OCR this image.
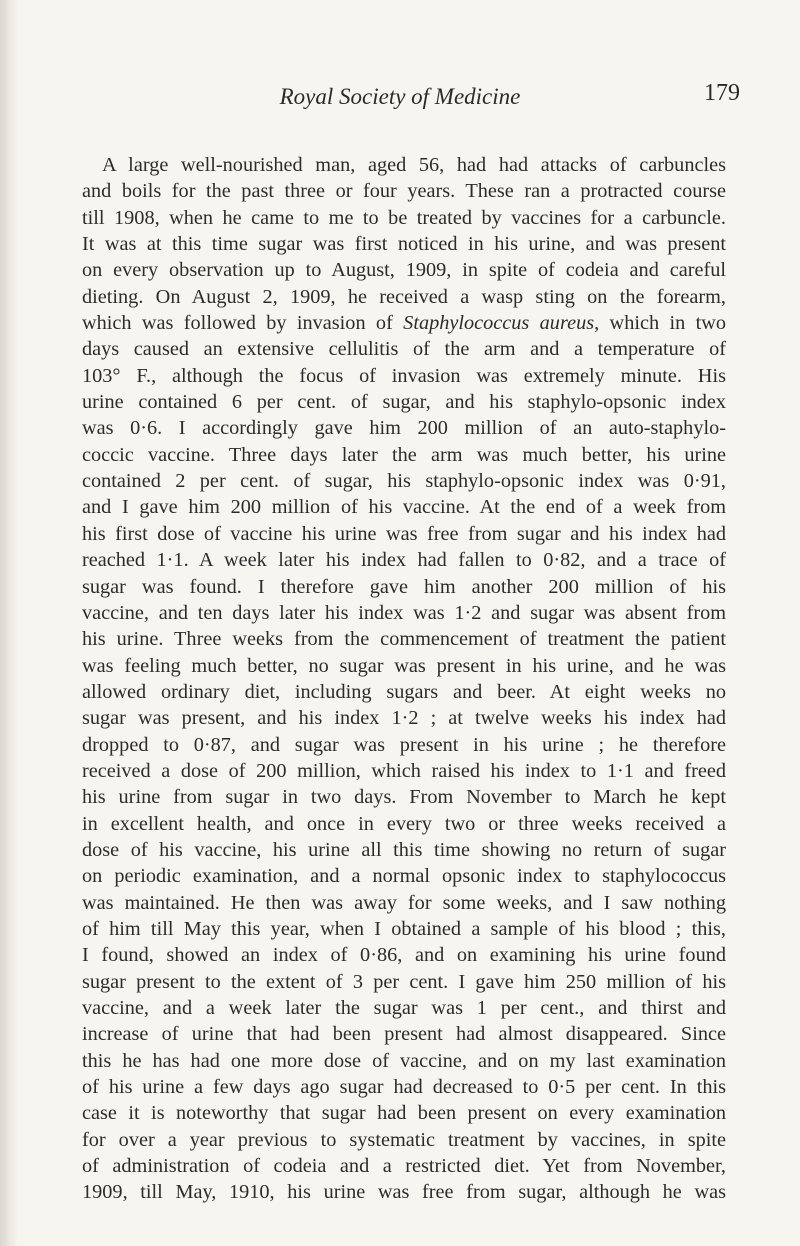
Royal Society of Medicine	179
A large well-nourished man, aged 56, had had attacks of carbuncles
and boils for the past three or four years. These ran a protracted course
till 1908, when he came to me to be treated by vaccines for a carbuncle.
It was at this time sugar was first noticed in his urine, and was present
on every observation up to August, 1909, in spite of codeia and careful
dieting. On August 2, 1909, he received a wasp sting on the forearm,
which was followed by invasion of Staphylococcus aureus, which in two
days caused an extensive cellulitis of the arm and a temperature of
103° F., although the focus of invasion was extremely minute. His
urine contained 6 per cent. of sugar, and his staphylo-opsonic index
was 0·6. I accordingly gave him 200 million of an auto-staphylo-
coccic vaccine. Three days later the arm was much better, his urine
contained 2 per cent. of sugar, his staphylo-opsonic index was 0·91,
and I gave him 200 million of his vaccine. At the end of a week from
his first dose of vaccine his urine was free from sugar and his index had
reached 1·1. A week later his index had fallen to 0·82, and a trace of
sugar was found. I therefore gave him another 200 million of his
vaccine, and ten days later his index was 1·2 and sugar was absent from
his urine. Three weeks from the commencement of treatment the patient
was feeling much better, no sugar was present in his urine, and he was
allowed ordinary diet, including sugars and beer. At eight weeks no
sugar was present, and his index 1·2 ; at twelve weeks his index had
dropped to 0·87, and sugar was present in his urine ; he therefore
received a dose of 200 million, which raised his index to 1·1 and freed
his urine from sugar in two days. From November to March he kept
in excellent health, and once in every two or three weeks received a
dose of his vaccine, his urine all this time showing no return of sugar
on periodic examination, and a normal opsonic index to staphylococcus
was maintained. He then was away for some weeks, and I saw nothing
of him till May this year, when I obtained a sample of his blood ; this,
I found, showed an index of 0·86, and on examining his urine found
sugar present to the extent of 3 per cent. I gave him 250 million of his
vaccine, and a week later the sugar was 1 per cent., and thirst and
increase of urine that had been present had almost disappeared. Since
this he has had one more dose of vaccine, and on my last examination
of his urine a few days ago sugar had decreased to 0·5 per cent. In this
case it is noteworthy that sugar had been present on every examination
for over a year previous to systematic treatment by vaccines, in spite
of administration of codeia and a restricted diet. Yet from November,
1909, till May, 1910, his urine was free from sugar, although he was
